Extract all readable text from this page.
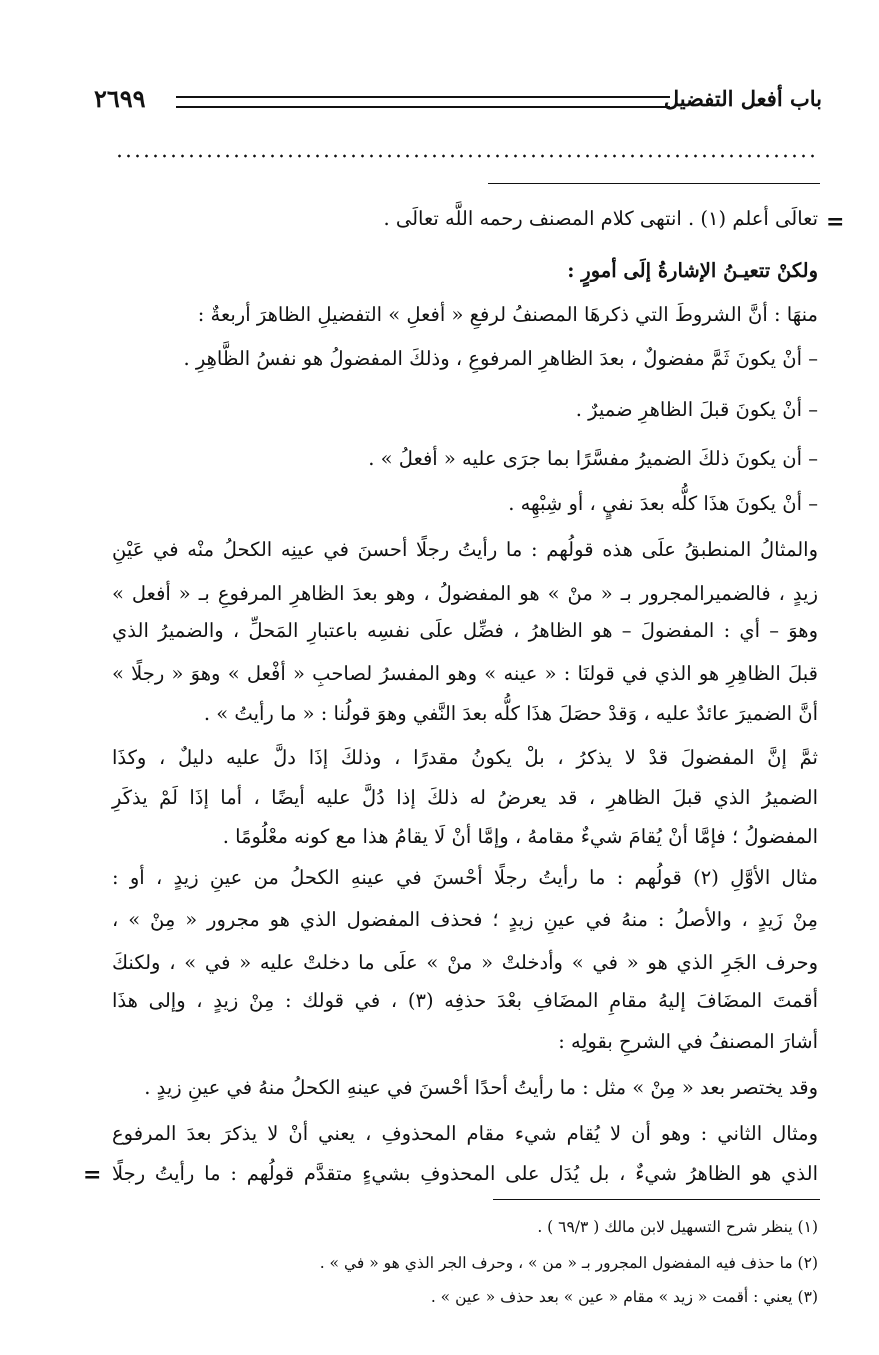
باب أفعل التفضيل
٢٦٩٩
=
تعالَى أعلم (١) . انتهى كلام المصنف رحمه اللَّه تعالَى .
ولكنْ تتعيـنُ الإشارةُ إلَى أمورٍ :
منهَا : أنَّ الشروطَ التي ذكرهَا المصنفُ لرفعِ « أفعلِ » التفضيلِ الظاهرَ أربعةٌ :
– أنْ يكونَ ثَمَّ مفضولٌ ، بعدَ الظاهرِ المرفوعِ ، وذلكَ المفضولُ هو نفسُ الظَّاهِرِ .
– أنْ يكونَ قبلَ الظاهرِ ضميرٌ .
– أن يكونَ ذلكَ الضميرُ مفسَّرًا بما جرَى عليه « أفعلُ » .
– أنْ يكونَ هذَا كلُّه بعدَ نفيٍ ، أو شِبْهِه .
والمثالُ المنطبقُ علَى هذه قولُهم : ما رأيتُ رجلًا أحسنَ في عينِه الكحلُ منْه في عَيْنِ
زيدٍ ، فالضميرالمجرور بـ « منْ » هو المفضولُ ، وهو بعدَ الظاهرِ المرفوعِ بـ « أفعل »
وهوَ – أي : المفضولَ – هو الظاهرُ ، فضِّل علَى نفسِه باعتبارِ المَحلِّ ، والضميرُ الذي
قبلَ الظاهِرِ هو الذي في قولنَا : « عينه » وهو المفسرُ لصاحبِ « أفْعل » وهوَ « رجلًا »
أنَّ الضميرَ عائدٌ عليه ، وَقدْ حصَلَ هذَا كلُّه بعدَ النَّفي وهوَ قولُنا : « ما رأيتُ » .
ثمَّ إنَّ المفضولَ قدْ لا يذكرُ ، بلْ يكونُ مقدرًا ، وذلكَ إذَا دلَّ عليه دليلٌ ، وكذَا
الضميرُ الذي قبلَ الظاهرِ ، قد يعرضُ له ذلكَ إذا دُلَّ عليه أيضًا ، أما إذَا لَمْ يذكَرِ
المفضولُ ؛ فإمَّا أنْ يُقامَ شيءٌ مقامهُ ، وإمَّا أنْ لَا يقامُ هذا مع كونه معْلُومًا .
مثال الأوَّلِ (٢) قولُهم : ما رأيتُ رجلًا أحْسنَ في عينهِ الكحلُ من عينِ زيدٍ ، أو :
مِنْ زَيدٍ ، والأصلُ : منهُ في عينِ زيدٍ ؛ فحذف المفضول الذي هو مجرور « مِنْ » ،
وحرف الجَرِ الذي هو « في » وأدخلتْ « منْ » علَى ما دخلتْ عليه « في » ، ولكنكَ
أقمتَ المضَافَ إليهُ مقامِ المضَافِ بعْدَ حذفِه (٣) ، في قولك : مِنْ زيدٍ ، وإلى هذَا
أشارَ المصنفُ في الشرحِ بقولِه :
وقد يختصر بعد « مِنْ » مثل : ما رأيتُ أحدًا أحْسنَ في عينهِ الكحلُ منهُ في عينِ زيدٍ .
ومثال الثاني : وهو أن لا يُقام شيء مقام المحذوفِ ، يعني أنْ لا يذكرَ بعدَ المرفوع
الذي هو الظاهرُ شيءٌ ، بل يُدَل على المحذوفِ بشيءٍ متقدَّم قولُهم : ما رأيتُ رجلًا
=
(١) ينظر شرح التسهيل لابن مالك ( ٦٩/٣ ) .
(٢) ما حذف فيه المفضول المجرور بـ « من » ، وحرف الجر الذي هو « في » .
(٣) يعني : أقمت « زيد » مقام « عين » بعد حذف « عين » .
